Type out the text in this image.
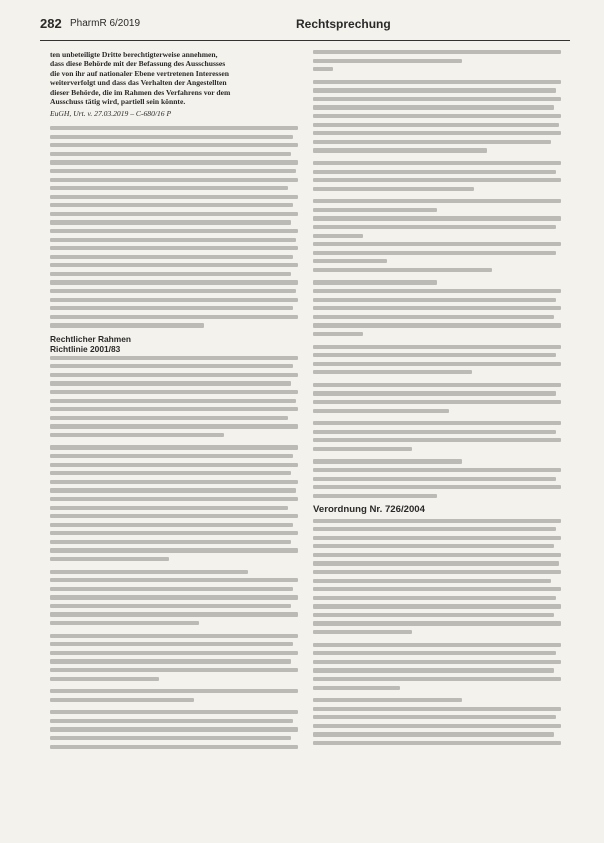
282 PharmR 6/2019	Rechtsprechung

ten unbeteiligte Dritte berechtigterweise annehmen,

dass diese Behörde mit der Befassung des Ausschusses

die von ihr auf nationaler Ebene vertretenen Interessen

weiterverfolgt und dass das Verhalten der Angestellten

dieser Behörde, die im Rahmen des Verfahrens vor dem

Ausschuss tätig wird, partiell sein könnte.

EuGH, Urt. v. 27.03.2019 – C-680/16 P

Rechtlicher Rahmen
Richtlinie 2001/83
Verordnung Nr. 726/2004
